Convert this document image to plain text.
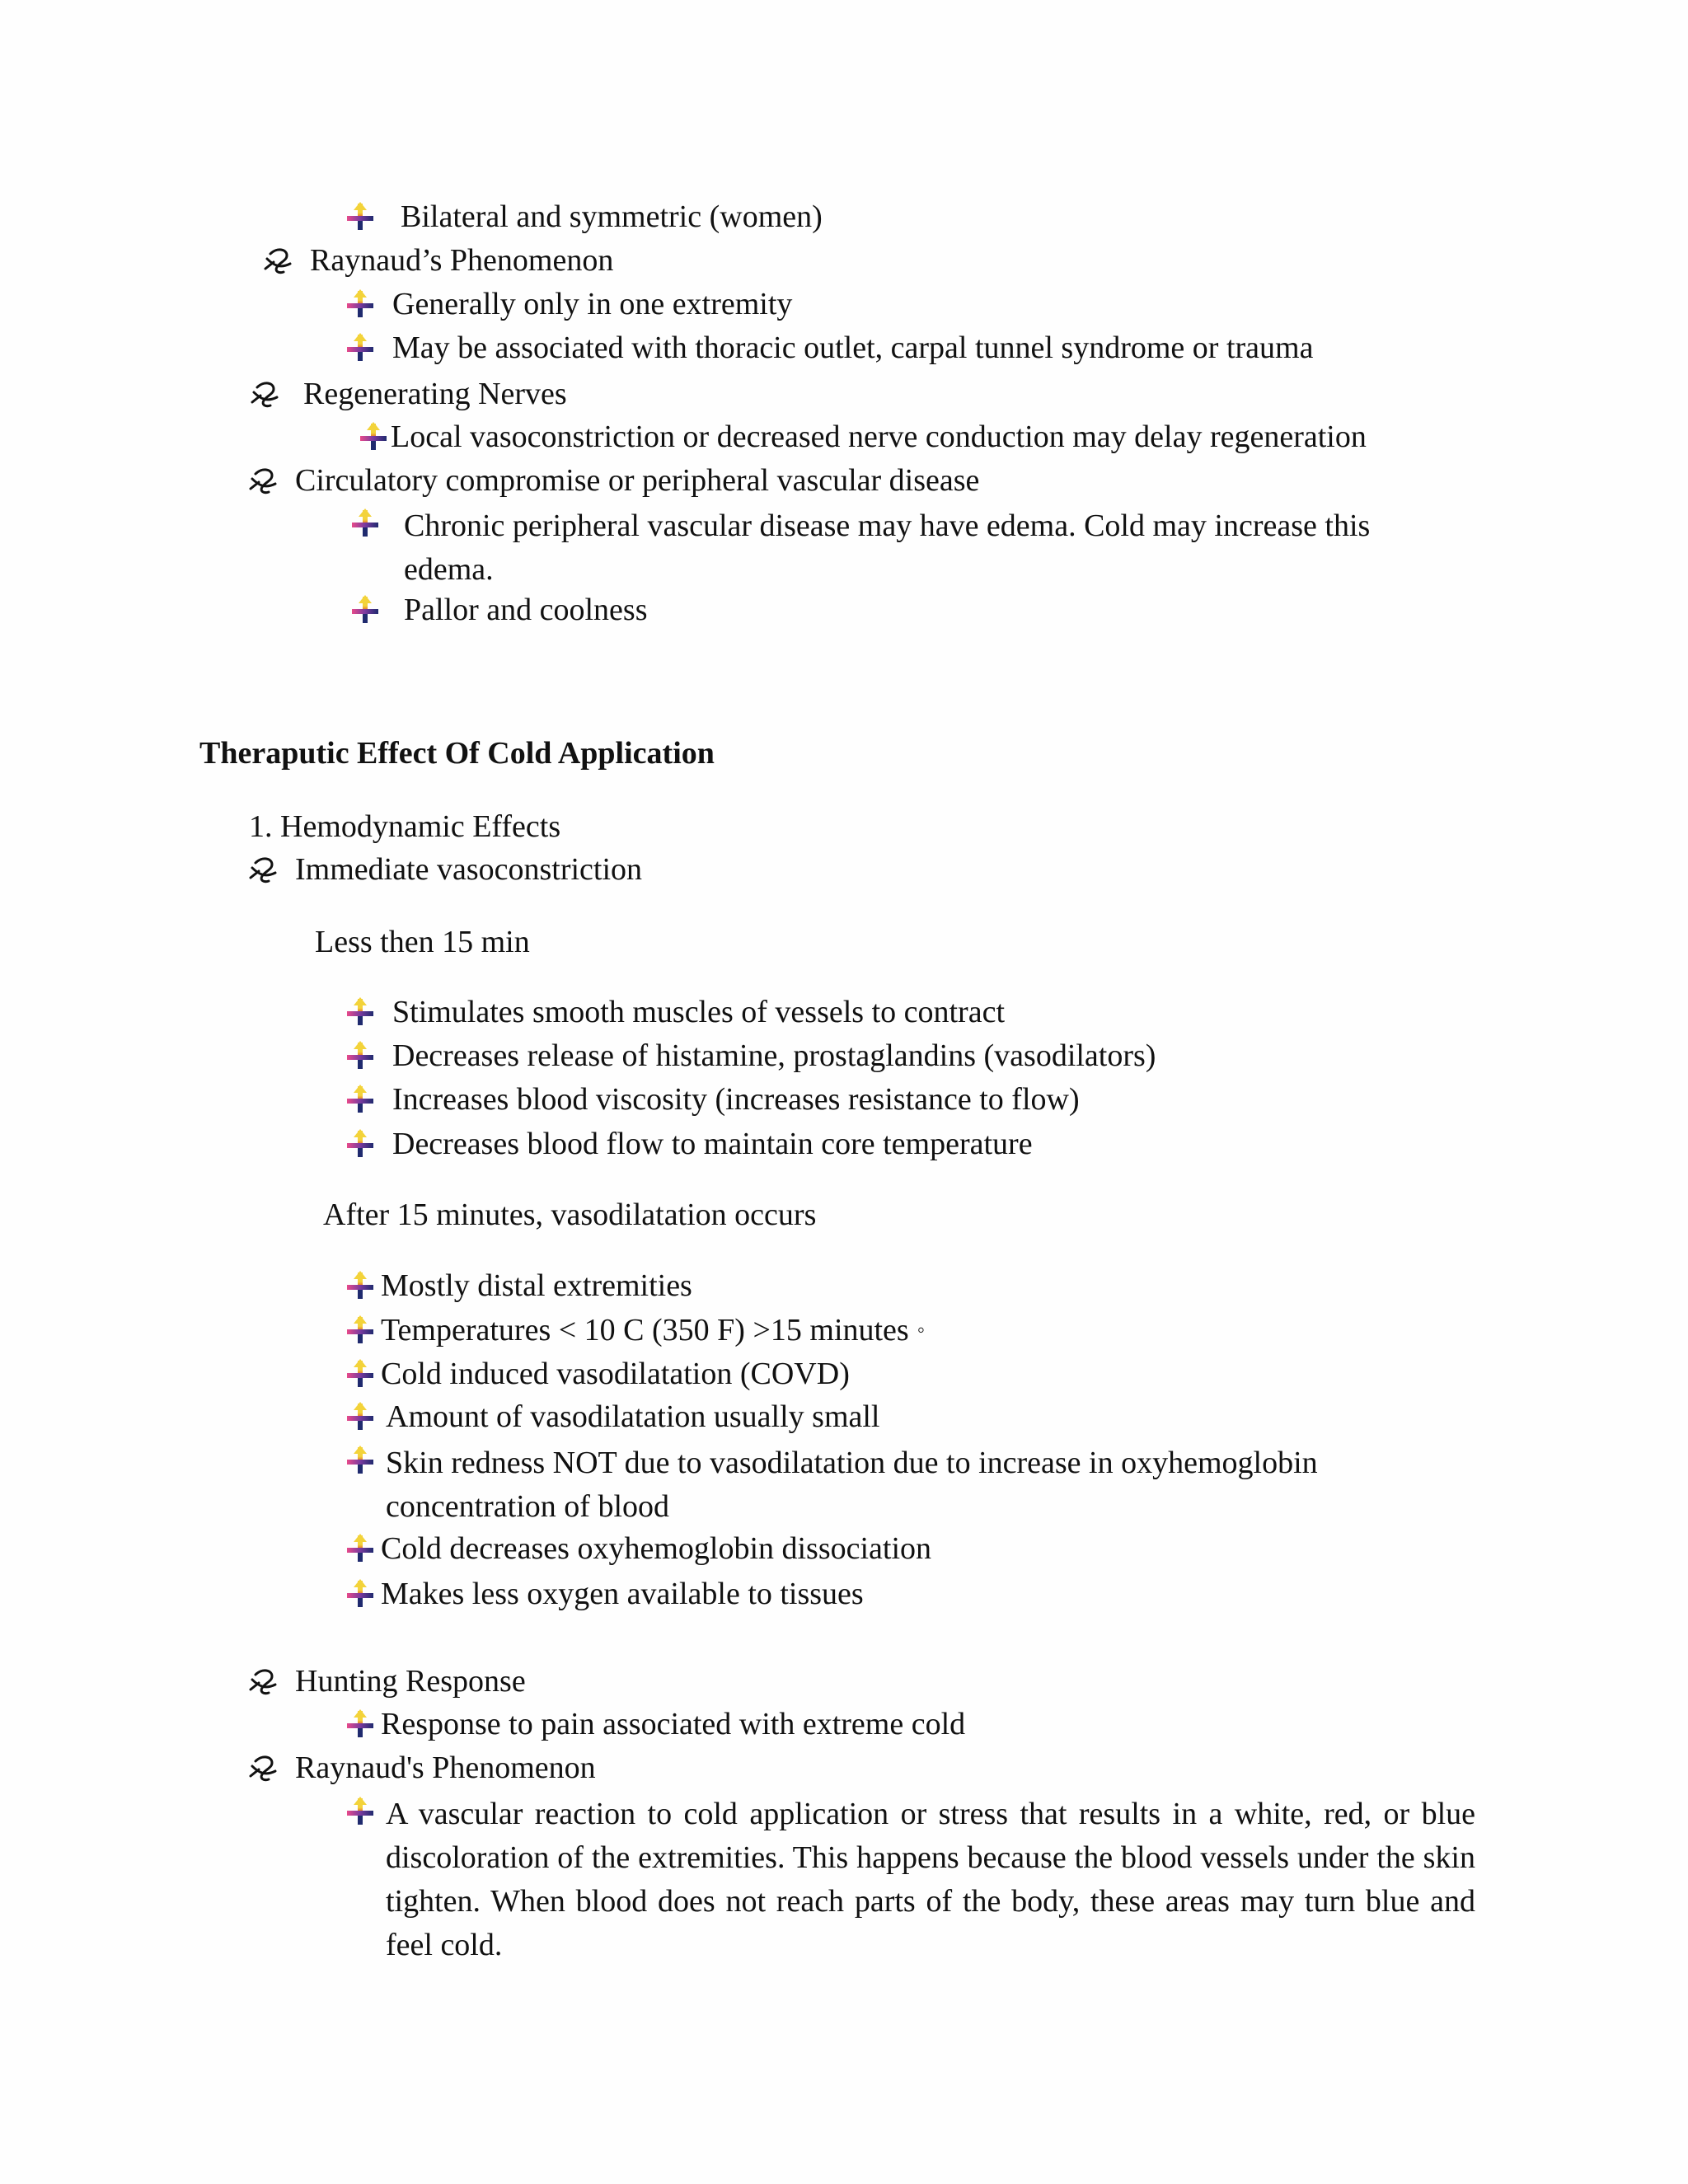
Bilateral and symmetric (women)
Raynaud’s Phenomenon
Generally only in one extremity
May be associated with thoracic outlet, carpal tunnel syndrome or trauma
Regenerating Nerves
Local vasoconstriction or decreased nerve conduction may delay regeneration
Circulatory compromise or peripheral vascular disease
Chronic peripheral vascular disease may have edema. Cold may increase this edema.
Pallor and coolness
Theraputic Effect Of Cold Application
1. Hemodynamic Effects
Immediate vasoconstriction
Less then 15 min
Stimulates smooth muscles of vessels to contract
Decreases release of histamine, prostaglandins (vasodilators)
Increases blood viscosity (increases resistance to flow)
Decreases blood flow to maintain core temperature
After 15 minutes, vasodilatation occurs
Mostly distal extremities
Temperatures < 10 C (350 F) >15 minutes ◦
Cold induced vasodilatation (COVD)
Amount of vasodilatation usually small
Skin redness NOT due to vasodilatation due to increase in oxyhemoglobin concentration of blood
Cold decreases oxyhemoglobin dissociation
Makes less oxygen available to tissues
Hunting Response
Response to pain associated with extreme cold
Raynaud's Phenomenon
A vascular reaction to cold application or stress that results in a white, red, or blue discoloration of the extremities. This happens because the blood vessels under the skin tighten. When blood does not reach parts of the body, these areas may turn blue and feel cold.
